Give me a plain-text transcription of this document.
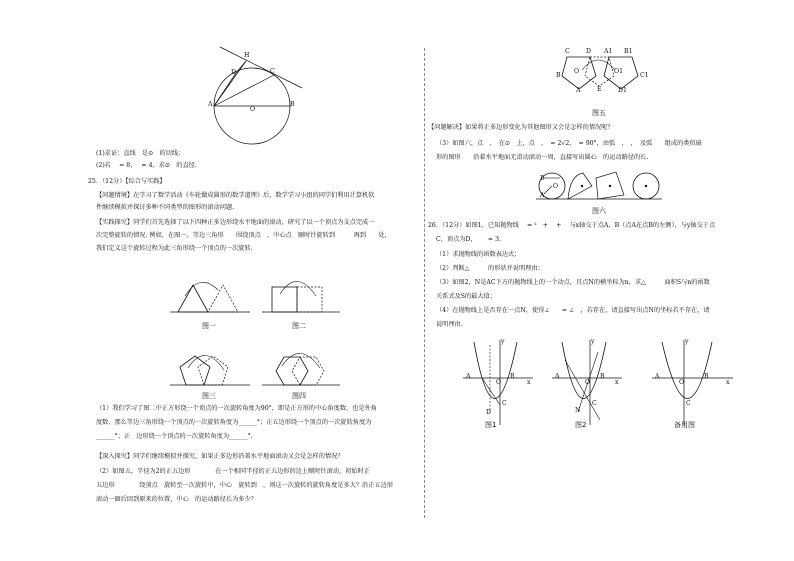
H
D	C
A
O
B
(1)求证：直线　是⊙　的切线；
(2)若　 = 8，　 = 4，求⊙　的直径.
25．（12分）【综合与实践】
【问题情境】在学习了数学活动《车轮做成圆形的数学道理》后，数学学习小组的同学们利用计算机软
件继续模拟并探讨多种不同类型的图形的滚动问题.
【实践探究】同学们首先选择了以下四种正多边形绕水平地面的滚动，研究了以一个顶点为支点完成一
次完整旋转的情况. 例如，在图一，等边三角形　　围绕顶点　，中心点　顺时针旋转到　　　再到　　处，
我们定义这个旋转过程为此三角形绕一个顶点的一次旋转.
图一	图二
图三	图四
（1）我们学习了图二中正方形绕一个顶点的一次旋转角度为90°，即是正方形的中心角度数，也是外角
度数．那么等边三角形绕一个顶点的一次旋转角度为______°；正五边形绕一个顶点的一次旋转角度为
______°；正　边形绕一个顶点的一次旋转角度为______°.
【深入探究】同学们继续模拟并探究，如果正多边形沿着水平地面滚动又会是怎样的情况？
（2）如图五，半径为2的正五边形　　　　在一个相同半径的正五边形的边上顺时针滚动，初始时正
五边形　　　　绕顶点　旋转至一次旋转中，中心　旋转到　，则这一次旋转的旋转角度是多大？沿正五边形
滚动一圈后回到原来的位置，中心　的运动路径长为多少？
C	D A1 B1
B
O	O1
C1
A	E	D1
图五
【问题解决】如果将正多边形变化为其他图形又会是怎样的情况呢？
（3）如图六，点　，　在⊙　上，点　，　= 2√2，　= 90°，由弧　，　，　及弧　　组成的类似扇
形的图形　　沿着水平地面无滑动滚动一周，直接写出圆心　的运动路径的长.
B
O
A
图六
26．（12分）如图1，已知抛物线　 = ²　+ 　+ 　与x轴交于点A，B（点A在点B的左侧），与y轴交于点
C，顶点为D，　　 = 3.
（1）求抛物线的函数表达式；
（2）判断△　　　的形状并说明理由；
（3）如图2，N是AC下方的抛物线上的一个动点，且点N的横坐标为n，求△　　　面积S与n的函数
关系式及S的最大值；
（4）在抛物线上是否存在一点N，使得∠　　= ∠　，若存在，请直接写出点N的坐标若不存在，请
说明理由.
y
x
A
O
B
C
D
y
x
A
O
B
C
N
y
x
A
O
B
C
图1	图2	备用图
